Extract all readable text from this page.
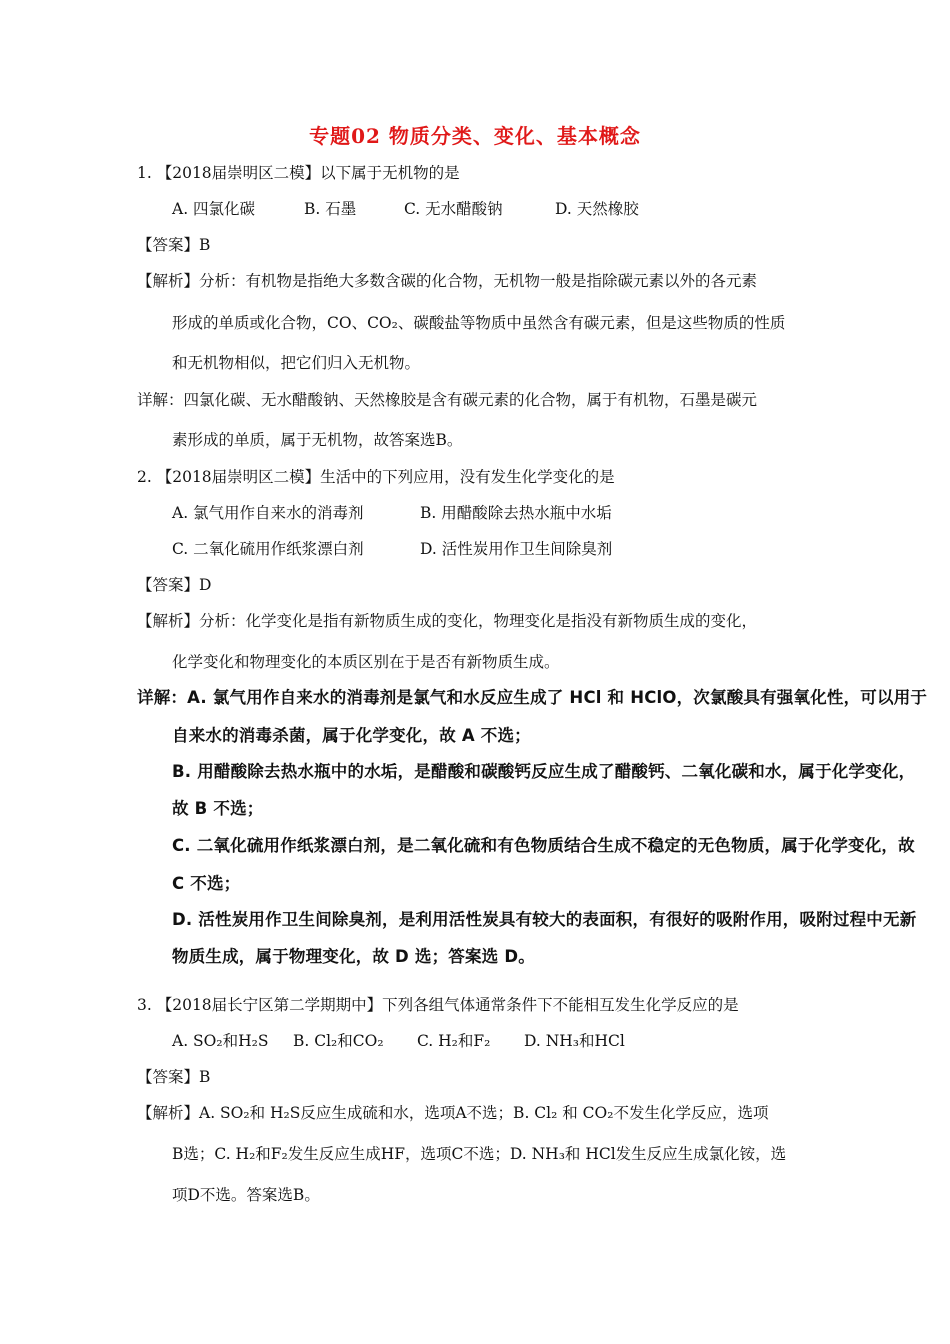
专题02 物质分类、变化、基本概念
1. 【2018届崇明区二模】以下属于无机物的是
A. 四氯化碳	B. 石墨	C. 无水醋酸钠	D. 天然橡胶
【答案】B
【解析】分析：有机物是指绝大多数含碳的化合物，无机物一般是指除碳元素以外的各元素
形成的单质或化合物，CO、CO₂、碳酸盐等物质中虽然含有碳元素，但是这些物质的性质
和无机物相似，把它们归入无机物。
详解：四氯化碳、无水醋酸钠、天然橡胶是含有碳元素的化合物，属于有机物，石墨是碳元
素形成的单质，属于无机物，故答案选B。
2. 【2018届崇明区二模】生活中的下列应用，没有发生化学变化的是
A. 氯气用作自来水的消毒剂	B. 用醋酸除去热水瓶中水垢
C. 二氧化硫用作纸浆漂白剂	D. 活性炭用作卫生间除臭剂
【答案】D
【解析】分析：化学变化是指有新物质生成的变化，物理变化是指没有新物质生成的变化，
化学变化和物理变化的本质区别在于是否有新物质生成。
详解：A. 氯气用作自来水的消毒剂是氯气和水反应生成了 HCl 和 HClO，次氯酸具有强氧化性，可以用于
自来水的消毒杀菌，属于化学变化，故 A 不选；
B. 用醋酸除去热水瓶中的水垢，是醋酸和碳酸钙反应生成了醋酸钙、二氧化碳和水，属于化学变化，
故 B 不选；
C. 二氧化硫用作纸浆漂白剂，是二氧化硫和有色物质结合生成不稳定的无色物质，属于化学变化，故
C 不选；
D. 活性炭用作卫生间除臭剂，是利用活性炭具有较大的表面积，有很好的吸附作用，吸附过程中无新
物质生成，属于物理变化，故 D 选；答案选 D。
3. 【2018届长宁区第二学期期中】下列各组气体通常条件下不能相互发生化学反应的是
A. SO₂和H₂S B. Cl₂和CO₂ C. H₂和F₂ D. NH₃和HCl
【答案】B
【解析】A. SO₂和 H₂S反应生成硫和水，选项A不选；B. Cl₂ 和 CO₂不发生化学反应，选项
B选；C. H₂和F₂发生反应生成HF，选项C不选；D. NH₃和 HCl发生反应生成氯化铵，选
项D不选。答案选B。
